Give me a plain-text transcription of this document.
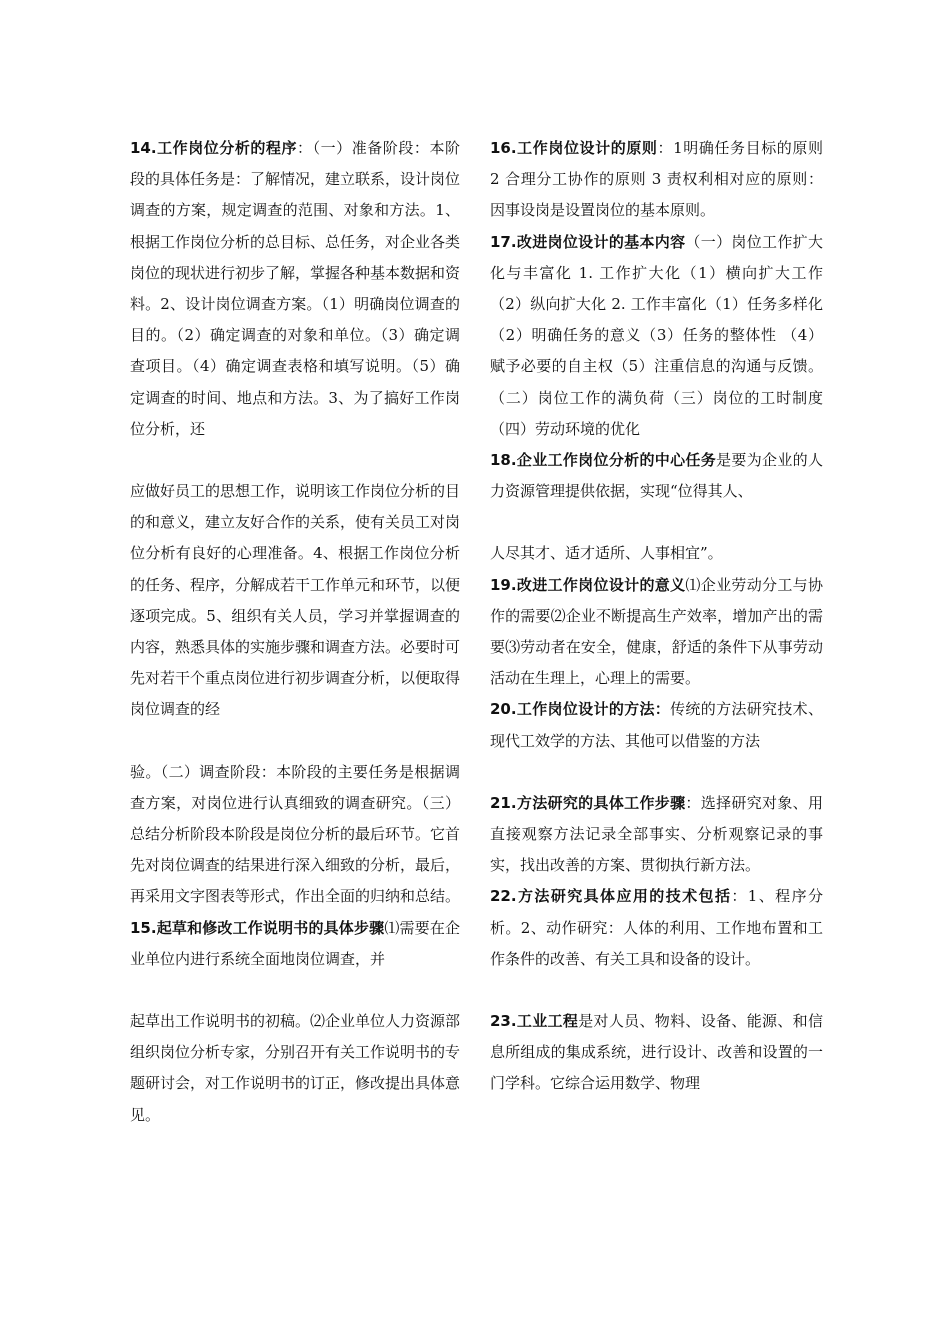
14.工作岗位分析的程序：（一）准备阶段：本阶段的具体任务是：了解情况，建立联系，设计岗位调查的方案，规定调查的范围、对象和方法。1、根据工作岗位分析的总目标、总任务，对企业各类岗位的现状进行初步了解，掌握各种基本数据和资料。2、设计岗位调查方案。（1）明确岗位调查的目的。（2）确定调查的对象和单位。（3）确定调查项目。（4）确定调查表格和填写说明。（5）确定调查的时间、地点和方法。3、为了搞好工作岗位分析，还

应做好员工的思想工作，说明该工作岗位分析的目的和意义，建立友好合作的关系，使有关员工对岗位分析有良好的心理准备。4、根据工作岗位分析的任务、程序，分解成若干工作单元和环节，以便逐项完成。5、组织有关人员，学习并掌握调查的内容，熟悉具体的实施步骤和调查方法。必要时可先对若干个重点岗位进行初步调查分析，以便取得岗位调查的经

验。（二）调查阶段：本阶段的主要任务是根据调查方案，对岗位进行认真细致的调查研究。（三）总结分析阶段本阶段是岗位分析的最后环节。它首先对岗位调查的结果进行深入细致的分析，最后，再采用文字图表等形式，作出全面的归纳和总结。

15.起草和修改工作说明书的具体步骤⑴需要在企业单位内进行系统全面地岗位调查，并

起草出工作说明书的初稿。⑵企业单位人力资源部组织岗位分析专家，分别召开有关工作说明书的专题研讨会，对工作说明书的订正，修改提出具体意见。

16.工作岗位设计的原则：1明确任务目标的原则 2 合理分工协作的原则 3 责权利相对应的原则：因事设岗是设置岗位的基本原则。

17.改进岗位设计的基本内容（一）岗位工作扩大化与丰富化 1. 工作扩大化（1）横向扩大工作（2）纵向扩大化 2. 工作丰富化（1）任务多样化（2）明确任务的意义（3）任务的整体性 （4）赋予必要的自主权（5）注重信息的沟通与反馈。（二）岗位工作的满负荷（三）岗位的工时制度（四）劳动环境的优化

18.企业工作岗位分析的中心任务是要为企业的人力资源管理提供依据，实现“位得其人、

人尽其才、适才适所、人事相宜”。

19.改进工作岗位设计的意义⑴企业劳动分工与协作的需要⑵企业不断提高生产效率，增加产出的需要⑶劳动者在安全，健康，舒适的条件下从事劳动活动在生理上，心理上的需要。

20.工作岗位设计的方法：传统的方法研究技术、现代工效学的方法、其他可以借鉴的方法

21.方法研究的具体工作步骤：选择研究对象、用直接观察方法记录全部事实、分析观察记录的事实，找出改善的方案、贯彻执行新方法。

22.方法研究具体应用的技术包括：1、程序分析。2、动作研究：人体的利用、工作地布置和工作条件的改善、有关工具和设备的设计。

23.工业工程是对人员、物料、设备、能源、和信息所组成的集成系统，进行设计、改善和设置的一门学科。它综合运用数学、物理
